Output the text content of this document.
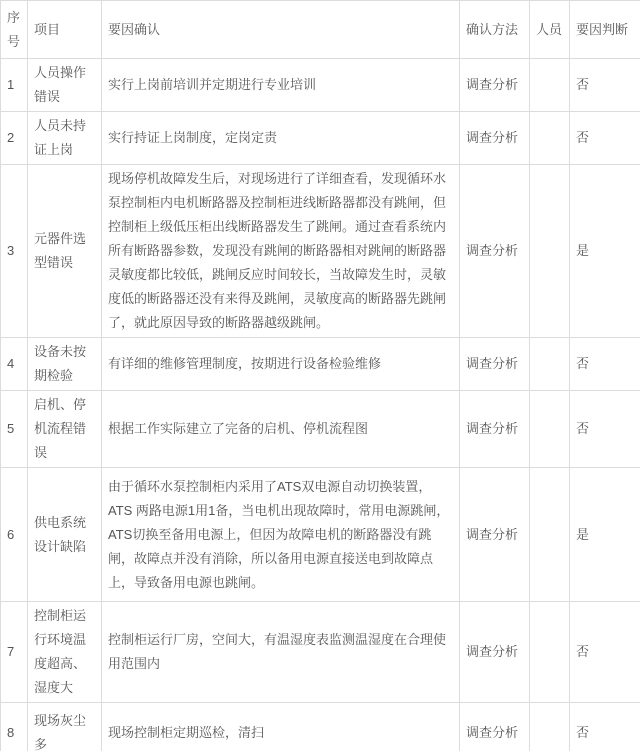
序号	项目	要因确认	确认方法	人员	要因判断
1	人员操作错误	实行上岗前培训并定期进行专业培训	调查分析		否
2	人员未持证上岗	实行持证上岗制度，定岗定责	调查分析		否
3	元器件选型错误	现场停机故障发生后，对现场进行了详细查看，发现循环水泵控制柜内电机断路器及控制柜进线断路器都没有跳闸，但控制柜上级低压柜出线断路器发生了跳闸。通过查看系统内所有断路器参数，发现没有跳闸的断路器相对跳闸的断路器灵敏度都比较低，跳闸反应时间较长，当故障发生时，灵敏度低的断路器还没有来得及跳闸，灵敏度高的断路器先跳闸了，就此原因导致的断路器越级跳闸。	调查分析		是
4	设备未按期检验	有详细的维修管理制度，按期进行设备检验维修	调查分析		否
5	启机、停机流程错误	根据工作实际建立了完备的启机、停机流程图	调查分析		否
6	供电系统设计缺陷	由于循环水泵控制柜内采用了ATS双电源自动切换装置，ATS 两路电源1用1备，当电机出现故障时，常用电源跳闸，ATS切换至备用电源上，但因为故障电机的断路器没有跳闸，故障点并没有消除，所以备用电源直接送电到故障点上，导致备用电源也跳闸。	调查分析		是
7	控制柜运行环境温度超高、湿度大	控制柜运行厂房，空间大，有温湿度表监测温湿度在合理使用范围内	调查分析		否
8	现场灰尘多	现场控制柜定期巡检，清扫	调查分析		否
